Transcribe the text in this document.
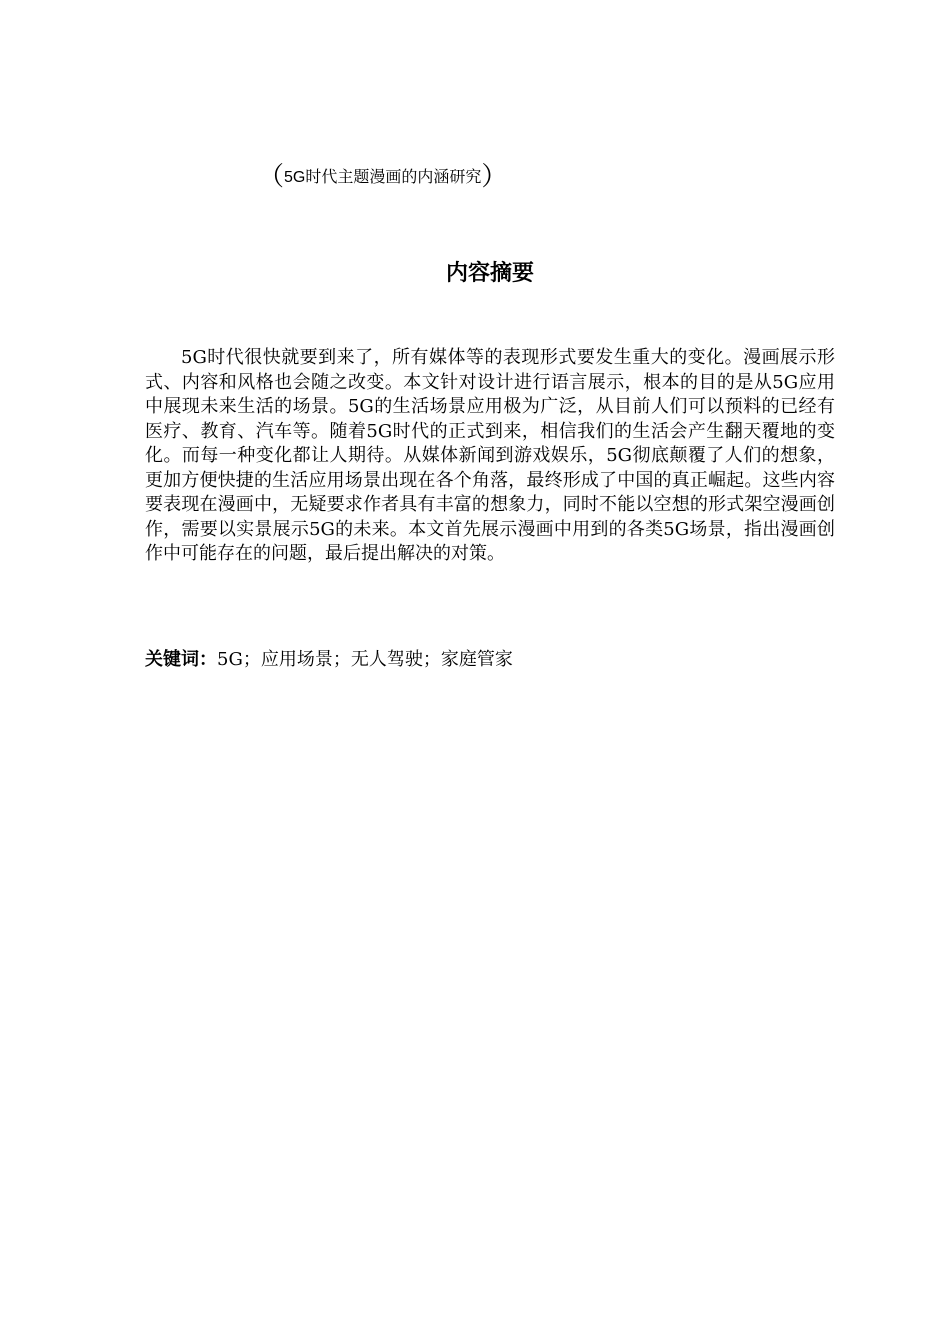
（5G时代主题漫画的内涵研究）
内容摘要

5G时代很快就要到来了，所有媒体等的表现形式要发生重大的变化。漫画展示形式、内容和风格也会随之改变。本文针对设计进行语言展示，根本的目的是从5G应用中展现未来生活的场景。5G的生活场景应用极为广泛，从目前人们可以预料的已经有医疗、教育、汽车等。随着5G时代的正式到来，相信我们的生活会产生翻天覆地的变化。而每一种变化都让人期待。从媒体新闻到游戏娱乐，5G彻底颠覆了人们的想象，更加方便快捷的生活应用场景出现在各个角落，最终形成了中国的真正崛起。这些内容要表现在漫画中，无疑要求作者具有丰富的想象力，同时不能以空想的形式架空漫画创作，需要以实景展示5G的未来。本文首先展示漫画中用到的各类5G场景，指出漫画创作中可能存在的问题，最后提出解决的对策。

关键词：5G；应用场景；无人驾驶；家庭管家
